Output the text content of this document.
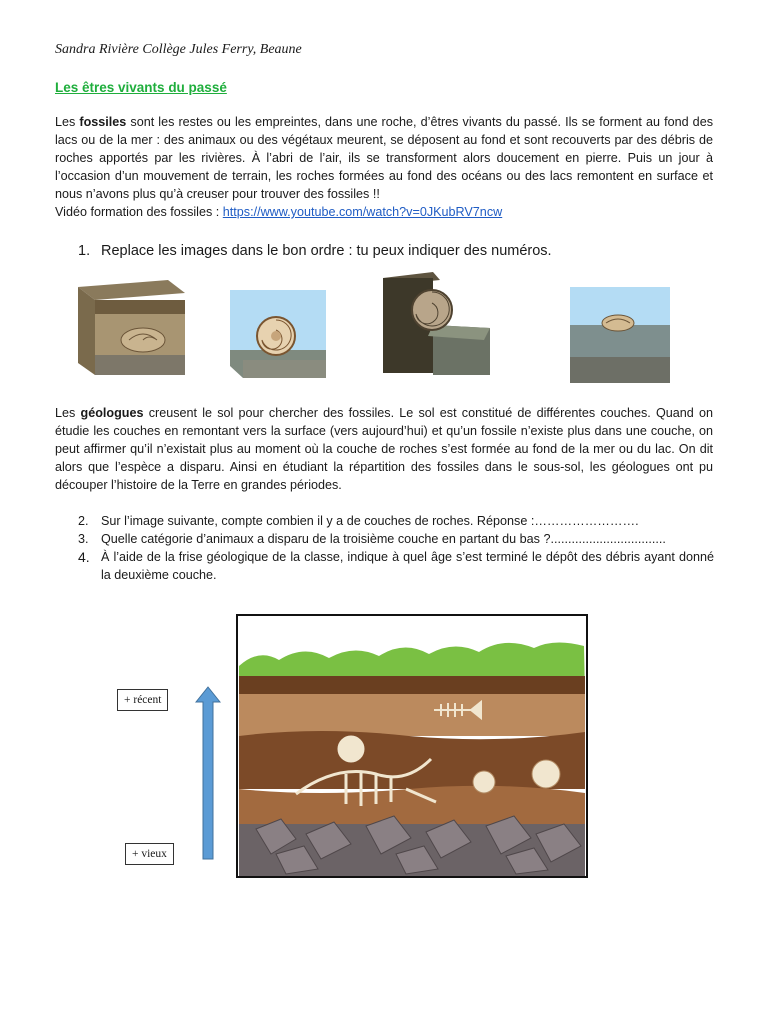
Sandra Rivière Collège Jules Ferry, Beaune
Les êtres vivants du passé

Les fossiles sont les restes ou les empreintes, dans une roche, d’êtres vivants du passé. Ils se forment au fond des lacs ou de la mer : des animaux ou des végétaux meurent, se déposent au fond et sont recouverts par des débris de roches apportés par les rivières. À l’abri de l’air, ils se transforment alors doucement en pierre. Puis un jour à l’occasion d’un mouvement de terrain, les roches formées au fond des océans ou des lacs remontent en surface et nous n’avons plus qu’à creuser pour trouver des fossiles !!
Vidéo formation des fossiles : https://www.youtube.com/watch?v=0JKubRV7ncw

1. Replace les images dans le bon ordre : tu peux indiquer des numéros.

Les géologues creusent le sol pour chercher des fossiles. Le sol est constitué de différentes couches. Quand on étudie les couches en remontant vers la surface (vers aujourd’hui) et qu’un fossile n’existe plus dans une couche, on peut affirmer qu’il n’existait plus au moment où la couche de roches s’est formée au fond de la mer ou du lac. On dit alors que l’espèce a disparu. Ainsi en étudiant la répartition des fossiles dans le sous-sol, les géologues ont pu découper l’histoire de la Terre en grandes périodes.

2. Sur l’image suivante, compte combien il y a de couches de roches. Réponse :…………………….
3. Quelle catégorie d’animaux a disparu de la troisième couche en partant du bas ?.................................
4. À l’aide de la frise géologique de la classe, indique à quel âge s’est terminé le dépôt des débris ayant donné la deuxième couche.
+ récent
+ vieux
